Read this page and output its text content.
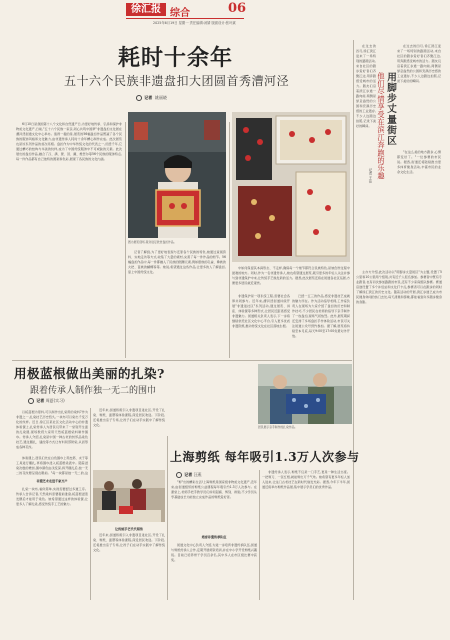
徐汇报 综合	06
2025年6月19日 星期一 责任编辑:汤婧 版面设计:张叶斌
耗时十余年
五十六个民族非遗盘扣大团圆首秀漕河泾
记者 姚丽晓

6月10日是我国第十八个文化和自然遗产日,为更好地传承、弘扬和保护非物质文化遗产,日前,"五十六个民族一家亲,同心共筑中国梦"非遗盘扣文化展在漕河泾街道文化中心举办。值得一提的是,展览的56幅盘扣作品既凝了各个民族的服饰风格和文化魅力,由非遗传承人耗时十余年精心制作完成。此次展览也是该系列作品的首次亮相。盘扣作为中华传统文化的代表之一,历经千年,它通过精巧的结构与华美的纹样,成为了中国传统服饰中不可或缺的元素。此次展出的盘扣作品,融合了汉、满、蒙、回、藏、维吾尔等56个民族的服饰特点,每一件作品都有自己独特的图案和色彩,展现了各民族的文化内涵。

图为展览现场,观众驻足欣赏盘扣作品。

记者了解到,为了更好地表现与还原各个民族的特色,她通过查阅资料、实地走访等方式,收集了大量的素材,完善了每一件作品的细节。56幅盘扣作品中,每一件都融入了民族的图腾元素,例如傣族的孔雀、彝族的火把、苗族的蝴蝶等等。她说,希望通过这些作品,让更多的人了解盘扣,爱上中国传统文化。

中如何保留其本真形态、不走样,确保每一个细节都符合民族特色,是她创作过程中最难的地方。同时,作为一名非遗传承人,她也希望通过展览,吸引更多的年轻人关注并参与到非遗保护中来,让传统手艺焕发新的活力。据悉,此次展览还将在街道各社区巡展,方便更多居民就近观赏。

非遗保护是一项系统工程,需要社会各界共同参与。近年来,漕河泾街道持续开展"非遗进社区"系列活动,通过展览、讲座、体验课等多种形式,让居民近距离感受非遗魅力。街道相关负责人表示,下一步将继续依托社区文化中心平台,引入更多优质非遗资源,推动传统文化在社区落地生根。

已经一五三的作品,感受非遗技艺成就的魅力所在。作为活动指导老师,工作室负责人在现场为大家介绍了盘扣的历史和制作技巧,不少居民在老师的指导下亲手制作了一枚盘扣,现场气氛热烈。此外,展览期间还安排了多场盘扣手作体验活动,市民可关注街道公众号预约参加。据了解,展览将持续至本月底,每天9:00至17:00免费对外开放。

在过去的四月,徐汇滨江迎来了一场特别的路跑活动,来自社区的跑步爱好者们齐聚江边,用奔跑感受城市的活力。跑友们沿着滨江步道一路向前,两侧是绿意盎然的公园和充满历史感的工业遗存,不少人边跑边拍照,记录下美好的瞬间。 他们尽情享受在滨江奔跑的乐趣 用脚步丈量街区
记者 王沁

在过去的四月,徐汇滨江迎来了一场特别的路跑活动,来自社区的跑步爱好者们齐聚江边,用奔跑感受城市的活力。跑友们沿着滨江步道一路向前,两侧是绿意盎然的公园和充满历史感的工业遗存,不少人边跑边拍照,记录下美好的瞬间。

"在这么美的地方跑步,心情都变好了。"一位参赛的市民说。据悉,街道还将陆续推出更多体育健身活动,丰富市民的业余文化生活。

主办方介绍,此次活动以"用脚步丈量街区"为主题,设置了5公里和10公里两个组别,共有近千人报名参加。参赛者中既有专业跑者,也有初次参加路跑的市民,还有不少家庭组队参赛。赛道沿途设置了多个补给站和文化打卡点,参赛者可以在跑步的同时了解徐汇滨江的历史文化。随着活动的开展,滨江步道已成为市民健身休闲的热门去处,每天清晨和傍晚,都能看到许多跑步健身的身影。

用极蓝根做出美丽的扎染?
跟着传承人制作独一无二的围巾
记者 周夏(实习)
居民展示亲手制作的扎染作品。

以板蓝根为原料,可以制作出扎染用的染料?作为非遗之一,扎染技艺历史悠久,一块布可以染出千变万化的纹样。近日,徐汇区某社区文化活动中心的非遗体验课上,扎染传承人为居民们带来了一堂别开生面的扎染课,现场教授大家用天然板蓝根染料制作围巾。传承人介绍,扎染是中国一种古老的纺织品染色技艺,通过捆扎、缝绞等方式让布料局部防染,从而形成各种花纹。

体验课上,居民们先在白色围巾上用皮筋、夹子等工具进行捆扎,再将围巾浸入板蓝根染液中。随着浸染次数的增加,围巾颜色由浅变深,拆开捆扎后,独一无二的花纹便呈现在眼前。"每一块都是独一无二的,这

非遗艺术走进千家万户

扎染一块布,看似简单,实则需要经过多道工序。传承人告诉记者,天然染料需要提前准备,板蓝根浸泡发酵后才能用于染色。她希望通过这样的体验课,让更多人了解扎染,感受传统手工艺的魅力。

近年来,街道积极引入非遗项目进社区,开设了扎染、剪纸、面塑等体验课程,深受居民欢迎。下阶段,还将推出亲子专场,让孩子们在动手实践中了解传统文化。

让传统手艺代代相传

近年来,街道积极引入非遗项目进社区,开设了扎染、剪纸、面塑等体验课程,深受居民欢迎。下阶段,还将推出亲子专场,让孩子们在动手实践中了解传统文化。

上海剪纸 每年吸引1.3万人次参与
记者 汪燕

"剪"出的精彩生活!上海剪纸是国家级非物质文化遗产,近年来,由街道组织的剪纸公益课程每年吸引约1.3万人次参与。在课堂上,老师手把手教学员们如何起稿、剪刻、拼贴,不少学员从零基础成长为能独立完成作品的剪纸爱好者。

培育非遗传承队伍

街道文化中心负责人介绍,为进一步培育非遗传承队伍,街道与剪纸传承人合作,定期开展师资培训,并在中小学开设剪纸兴趣班。目前已培养骨干学员百余名,其中多人在市区级比赛中获奖。

非遗传承人表示,剪纸不仅是一门手艺,更是一种生活态度。一把剪刀、一张红纸,就能剪出万千气象。她希望有更多年轻人加入进来,让这门古老技艺在新时代焕发光彩。据悉,今年下半年,街道还将举办剪纸作品展,集中展示学员们的优秀作品。
